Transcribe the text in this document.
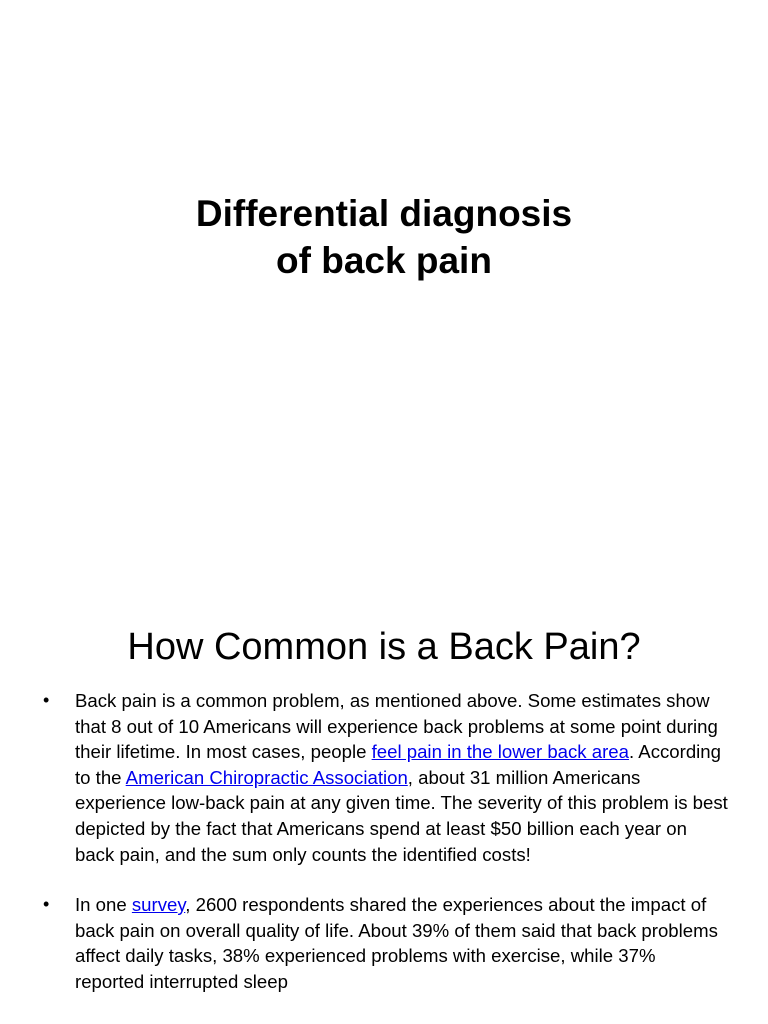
Differential diagnosis
of back pain
How Common is a Back Pain?
• Back pain is a common problem, as mentioned above. Some estimates show that 8 out of 10 Americans will experience back problems at some point during their lifetime. In most cases, people feel pain in the lower back area. According to the American Chiropractic Association, about 31 million Americans experience low-back pain at any given time. The severity of this problem is best depicted by the fact that Americans spend at least $50 billion each year on back pain, and the sum only counts the identified costs!
• In one survey, 2600 respondents shared the experiences about the impact of back pain on overall quality of life. About 39% of them said that back problems affect daily tasks, 38% experienced problems with exercise, while 37% reported interrupted sleep
